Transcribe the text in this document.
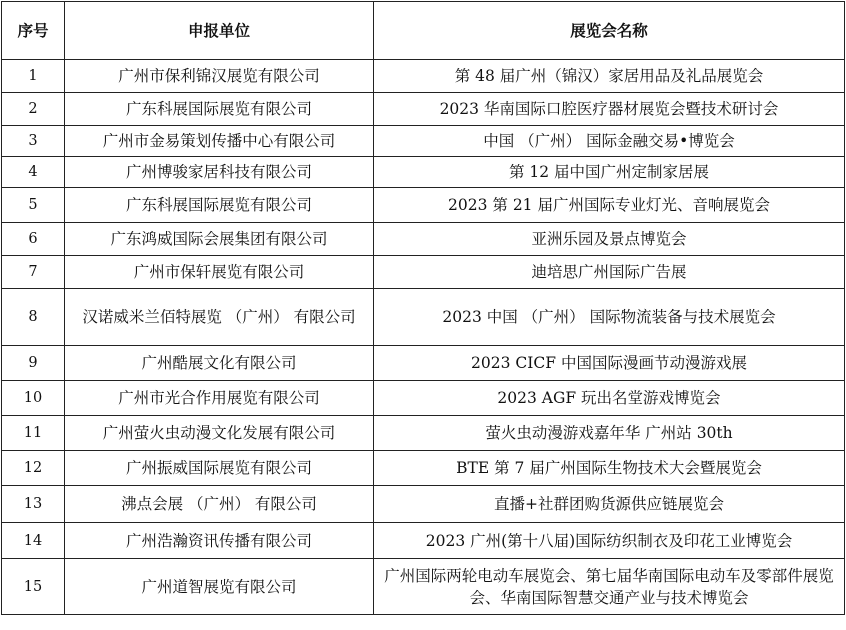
序号	申报单位	展览会名称
1	广州市保利锦汉展览有限公司	第 48 届广州（锦汉）家居用品及礼品展览会
2	广东科展国际展览有限公司	2023 华南国际口腔医疗器材展览会暨技术研讨会
3	广州市金易策划传播中心有限公司	中国 （广州） 国际金融交易•博览会
4	广州博骏家居科技有限公司	第 12 届中国广州定制家居展
5	广东科展国际展览有限公司	2023 第 21 届广州国际专业灯光、音响展览会
6	广东鸿威国际会展集团有限公司	亚洲乐园及景点博览会
7	广州市保轩展览有限公司	迪培思广州国际广告展
8	汉诺威米兰佰特展览 （广州） 有限公司	2023 中国 （广州） 国际物流装备与技术展览会
9	广州酷展文化有限公司	2023 CICF 中国国际漫画节动漫游戏展
10	广州市光合作用展览有限公司	2023 AGF 玩出名堂游戏博览会
11	广州萤火虫动漫文化发展有限公司	萤火虫动漫游戏嘉年华 广州站 30th
12	广州振威国际展览有限公司	BTE 第 7 届广州国际生物技术大会暨展览会
13	沸点会展 （广州） 有限公司	直播+社群团购货源供应链展览会
14	广州浩瀚资讯传播有限公司	2023 广州(第十八届)国际纺织制衣及印花工业博览会
15	广州道智展览有限公司	广州国际两轮电动车展览会、第七届华南国际电动车及零部件展览会、华南国际智慧交通产业与技术博览会
